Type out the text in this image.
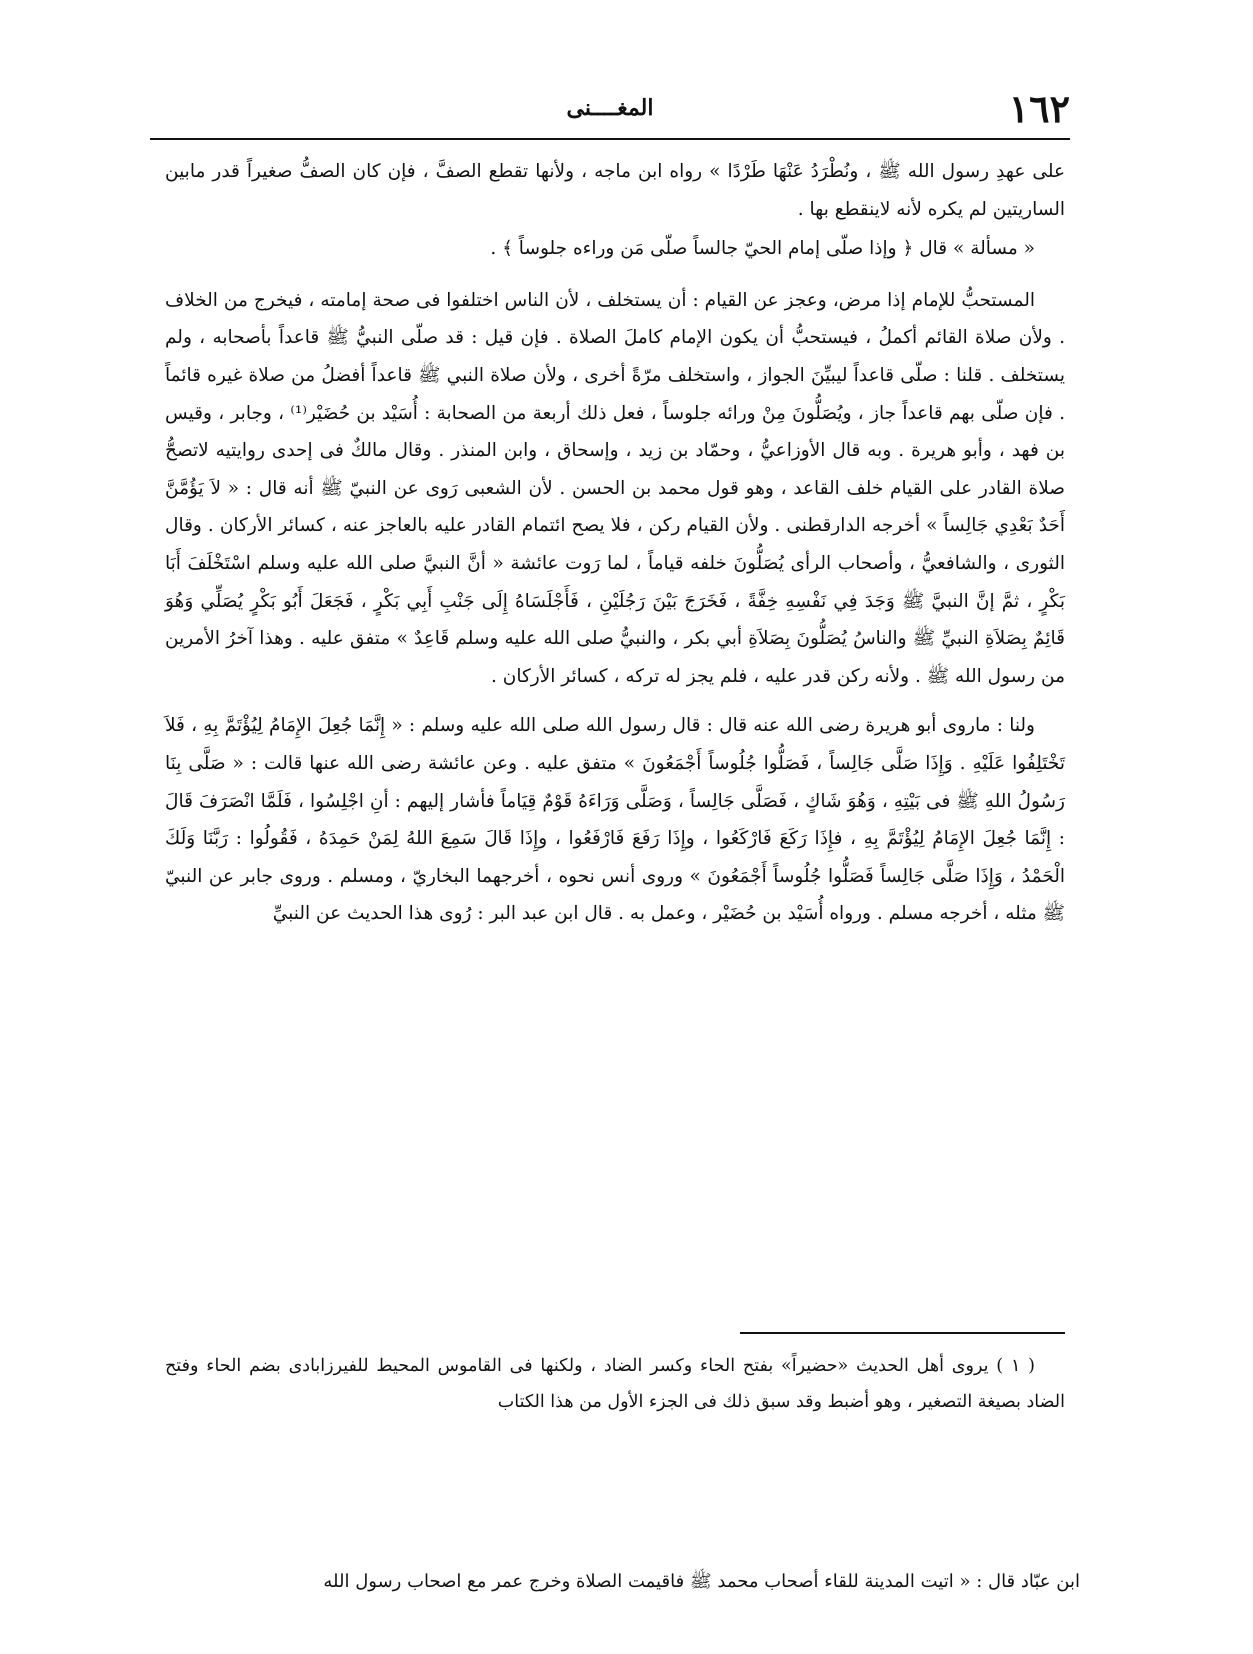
١٦٢
المغــــنى

على عهدِ رسول الله ﷺ ، ونُطْرَدُ عَنْهَا طَرْدًا » رواه ابن ماجه ، ولأنها تقطع الصفَّ ، فإن كان الصفُّ صغيراً قدر مابين الساريتين لم يكره لأنه لاينقطع بها .

« مسألة » قال ﴿ وإذا صلّى إمام الحيّ جالساً صلّى مَن وراءه جلوساً ﴾ .

المستحبُّ للإمام إذا مرض، وعجز عن القيام : أن يستخلف ، لأن الناس اختلفوا فى صحة إمامته ، فيخرج من الخلاف . ولأن صلاة القائم أكملُ ، فيستحبُّ أن يكون الإمام كاملَ الصلاة . فإن قيل : قد صلّى النبيُّ ﷺ قاعداً بأصحابه ، ولم يستخلف . قلنا : صلّى قاعداً ليبيِّنَ الجواز ، واستخلف مرّةً أخرى ، ولأن صلاة النبي ﷺ قاعداً أفضلُ من صلاة غيره قائماً . فإن صلّى بهم قاعداً جاز ، ويُصَلُّونَ مِنْ ورائه جلوساً ، فعل ذلك أربعة من الصحابة : أُسَيْد بن حُضَيْر⁽¹⁾ ، وجابر ، وقيس بن فهد ، وأبو هريرة . وبه قال الأوزاعيُّ ، وحمّاد بن زيد ، وإسحاق ، وابن المنذر . وقال مالكٌ فى إحدى روايتيه لاتصحُّ صلاة القادر على القيام خلف القاعد ، وهو قول محمد بن الحسن . لأن الشعبى رَوى عن النبيّ ﷺ أنه قال : « لاَ يَؤُمَّنَّ أَحَدٌ بَعْدِي جَالِساً » أخرجه الدارقطنى . ولأن القيام ركن ، فلا يصح ائتمام القادر عليه بالعاجز عنه ، كسائر الأركان . وقال الثورى ، والشافعيُّ ، وأصحاب الرأى يُصَلُّونَ خلفه قياماً ، لما رَوت عائشة « أنَّ النبيَّ صلى الله عليه وسلم اسْتَخْلَفَ أَبَا بَكْرٍ ، ثمَّ إنَّ النبيَّ ﷺ وَجَدَ فِي نَفْسِهِ خِفَّةً ، فَخَرَجَ بَيْنَ رَجُلَيْنِ ، فَأَجْلَسَاهُ إِلَى جَنْبِ أَبِي بَكْرٍ ، فَجَعَلَ أَبُو بَكْرٍ يُصَلِّي وَهُوَ قَائِمٌ بِصَلاَةِ النبيِّ ﷺ والناسُ يُصَلُّونَ بِصَلاَةِ أبي بكر ، والنبيُّ صلى الله عليه وسلم قَاعِدٌ » متفق عليه . وهذا آخرُ الأمرين من رسول الله ﷺ . ولأنه ركن قدر عليه ، فلم يجز له تركه ، كسائر الأركان .

ولنا : ماروى أبو هريرة رضى الله عنه قال : قال رسول الله صلى الله عليه وسلم : « إِنَّمَا جُعِلَ الإِمَامُ لِيُؤْتَمَّ بِهِ ، فَلاَ تَخْتَلِفُوا عَلَيْهِ . وَإِذَا صَلَّى جَالِساً ، فَصَلُّوا جُلُوساً أَجْمَعُونَ » متفق عليه . وعن عائشة رضى الله عنها قالت : « صَلَّى بِنَا رَسُولُ اللهِ ﷺ فى بَيْتِهِ ، وَهُوَ شَاكٍ ، فَصَلَّى جَالِساً ، وَصَلَّى وَرَاءَهُ قَوْمٌ قِيَاماً فأشار إليهم : أنِ اجْلِسُوا ، فَلَمَّا انْصَرَفَ قَالَ : إِنَّمَا جُعِلَ الإِمَامُ لِيُؤْتَمَّ بِهِ ، فإِذَا رَكَعَ فَارْكَعُوا ، وإِذَا رَفَعَ فَارْفَعُوا ، وإِذَا قَالَ سَمِعَ اللهُ لِمَنْ حَمِدَهُ ، فَقُولُوا : رَبَّنَا وَلَكَ الْحَمْدُ ، وَإِذَا صَلَّى جَالِساً فَصَلُّوا جُلُوساً أَجْمَعُونَ » وروى أنس نحوه ، أخرجهما البخاريّ ، ومسلم . وروى جابر عن النبيّ ﷺ مثله ، أخرجه مسلم . ورواه أُسَيْد بن حُضَيْر ، وعمل به . قال ابن عبد البر : رُوى هذا الحديث عن النبيِّ

( ١ ) يروى أهل الحديث «حضيراً» بفتح الحاء وكسر الضاد ، ولكنها فى القاموس المحيط للفيرزابادى بضم الحاء وفتح الضاد بصيغة التصغير ، وهو أضبط وقد سبق ذلك فى الجزء الأول من هذا الكتاب

ابن عبّاد قال : « اتيت المدينة للقاء أصحاب محمد ﷺ فاقيمت الصلاة وخرج عمر مع اصحاب رسول الله
